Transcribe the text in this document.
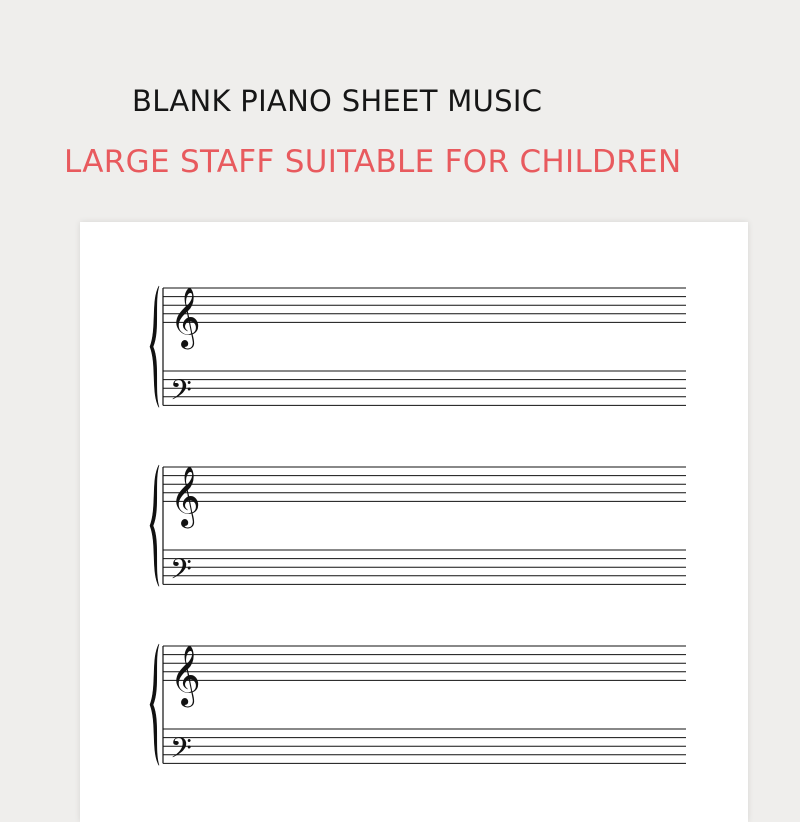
BLANK PIANO SHEET MUSIC
LARGE STAFF SUITABLE FOR CHILDREN
𝄞
𝄢
𝄞
𝄢
𝄞
𝄢
